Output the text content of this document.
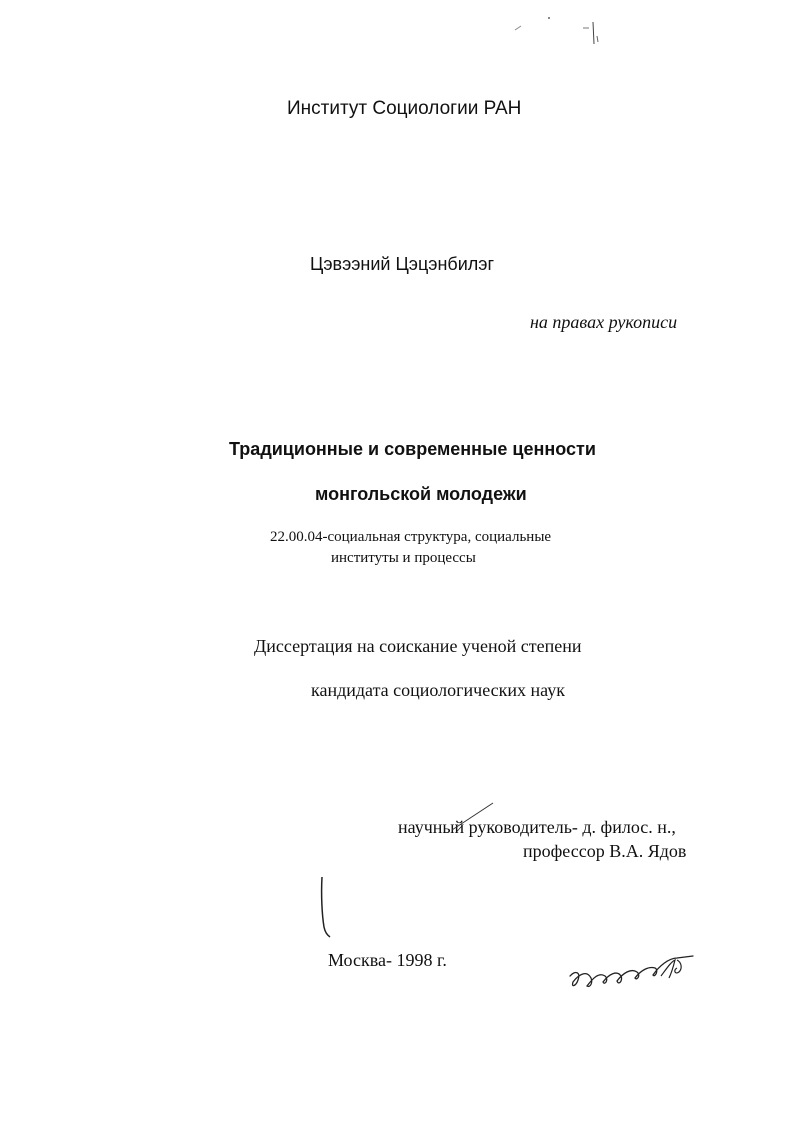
Институт Социологии РАН
Цэвээний Цэцэнбилэг
на правах рукописи
Традиционные и современные ценности
монгольской молодежи
22.00.04-социальная структура, социальные
институты и процессы
Диссертация на соискание ученой степени
кандидата социологических наук
научный руководитель- д. филос. н.,
профессор В.А. Ядов
Москва- 1998 г.
